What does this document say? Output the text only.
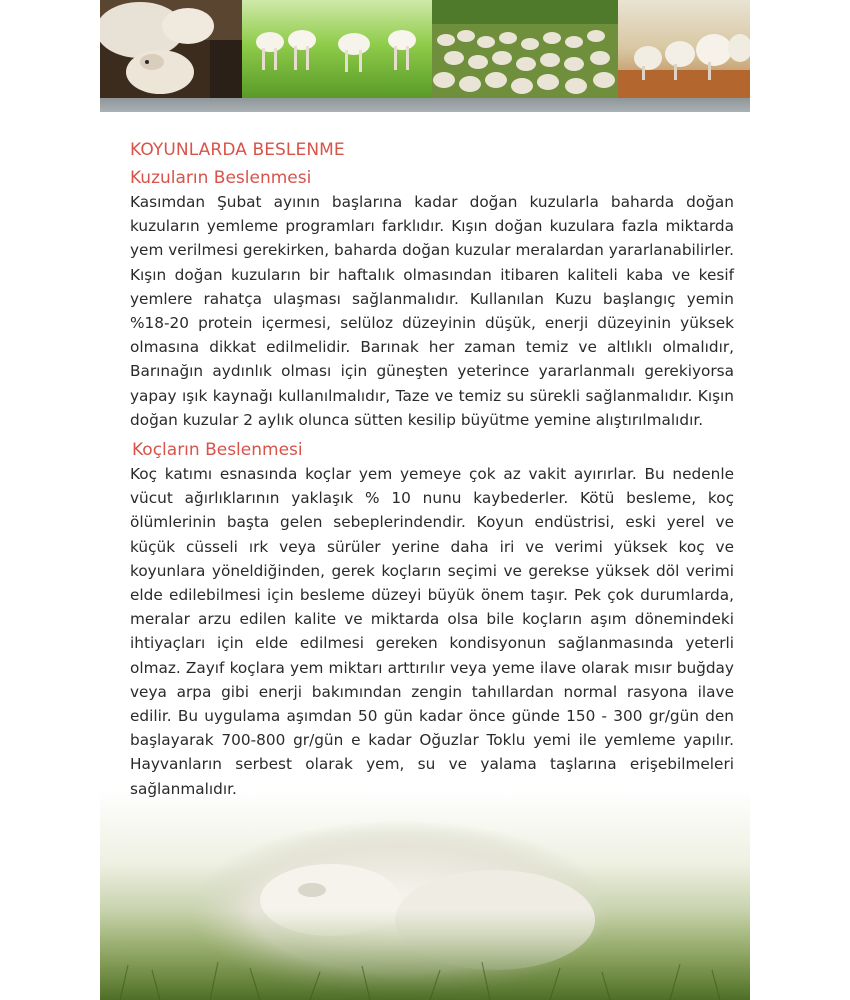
KOYUNLARDA BESLENME
Kuzuların Beslenmesi

Kasımdan Şubat ayının başlarına kadar doğan kuzularla baharda doğan kuzuların yemleme programları farklıdır. Kışın doğan kuzulara fazla miktarda yem verilmesi gerekirken, baharda doğan kuzular meralardan yararlanabilirler. Kışın doğan kuzuların bir haftalık olmasından itibaren kaliteli kaba ve kesif yemlere rahatça ulaşması sağlanmalıdır. Kullanılan Kuzu başlangıç yemin %18-20 protein içermesi, selüloz düzeyinin düşük, enerji düzeyinin yüksek olmasına dikkat edilmelidir. Barınak her zaman temiz ve altlıklı olmalıdır, Barınağın aydınlık olması için güneşten yeterince yararlanmalı gerekiyorsa yapay ışık kaynağı kullanılmalıdır, Taze ve temiz su sürekli sağlanmalıdır. Kışın doğan kuzular 2 aylık olunca sütten kesilip büyütme yemine alıştırılmalıdır.

Koçların Beslenmesi

Koç katımı esnasında koçlar yem yemeye çok az vakit ayırırlar. Bu nedenle vücut ağırlıklarının yaklaşık % 10 nunu kaybederler. Kötü besleme, koç ölümlerinin başta gelen sebeplerindendir. Koyun endüstrisi, eski yerel ve küçük cüsseli ırk veya sürüler yerine daha iri ve verimi yüksek koç ve koyunlara yöneldiğinden, gerek koçların seçimi ve gerekse yüksek döl verimi elde edilebilmesi için besleme düzeyi büyük önem taşır. Pek çok durumlarda, meralar arzu edilen kalite ve miktarda olsa bile koçların aşım dönemindeki ihtiyaçları için elde edilmesi gereken kondisyonun sağlanmasında yeterli olmaz. Zayıf koçlara yem miktarı arttırılır veya yeme ilave olarak mısır buğday veya arpa gibi enerji bakımından zengin tahıllardan normal rasyona ilave edilir. Bu uygulama aşımdan 50 gün kadar önce günde 150 - 300 gr/gün den başlayarak 700-800 gr/gün e kadar Oğuzlar Toklu yemi ile yemleme yapılır. Hayvanların serbest olarak yem, su ve yalama taşlarına erişebilmeleri sağlanmalıdır.
